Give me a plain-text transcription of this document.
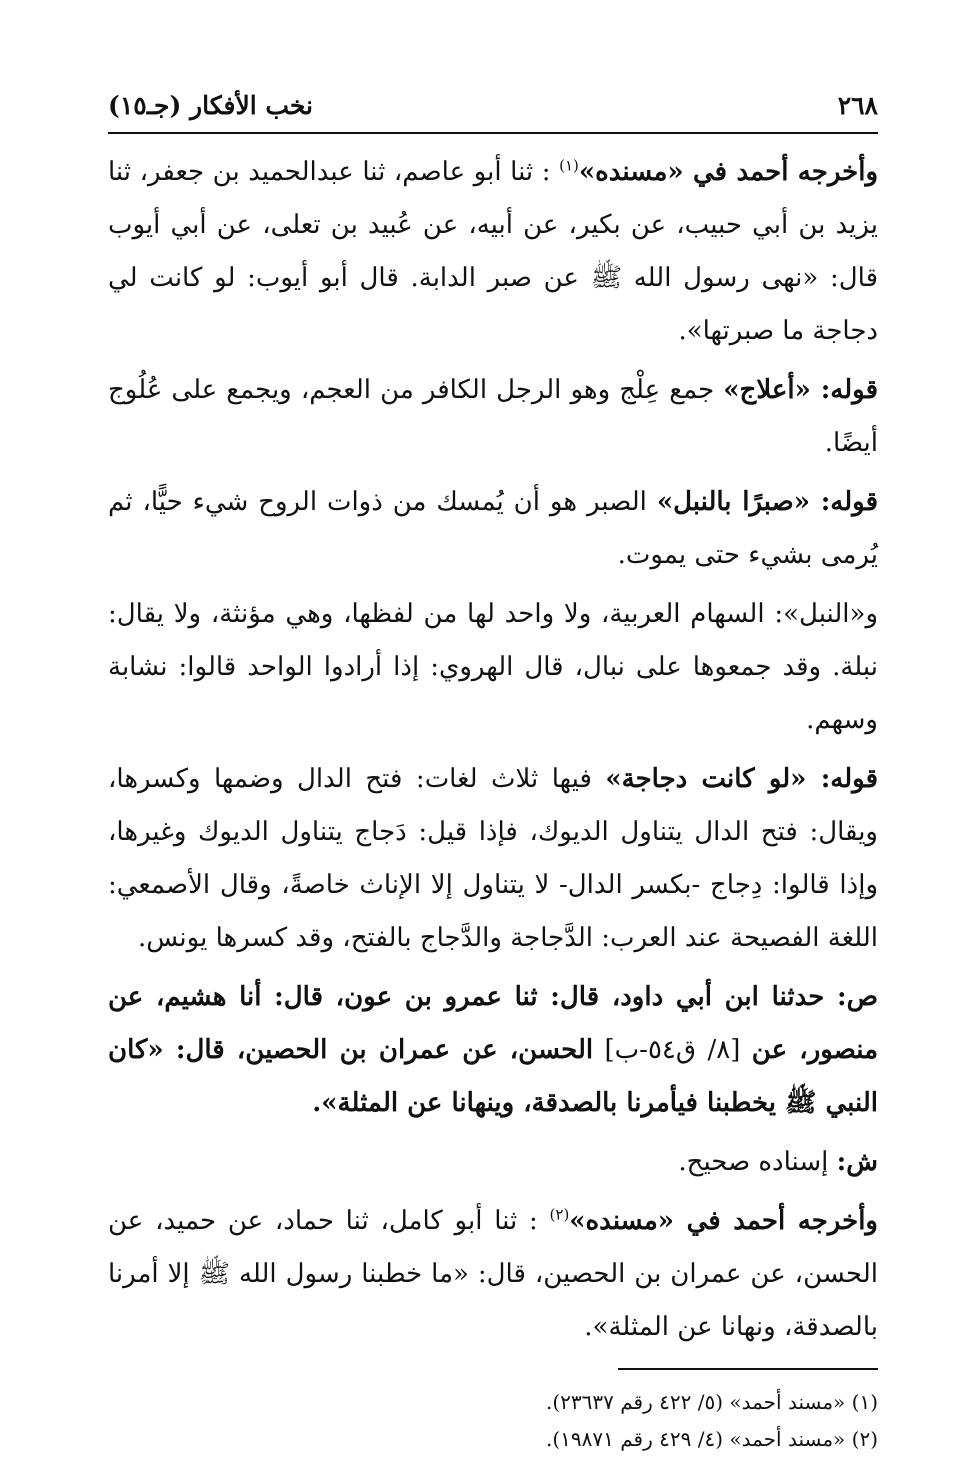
٢٦٨
نخب الأفكار (جـ١٥)

وأخرجه أحمد في «مسنده»$^{(١)}$ : ثنا أبو عاصم، ثنا عبدالحميد بن جعفر، ثنا يزيد بن أبي حبيب، عن بكير، عن أبيه، عن عُبيد بن تعلى، عن أبي أيوب قال: «نهى رسول الله ﷺ عن صبر الدابة. قال أبو أيوب: لو كانت لي دجاجة ما صبرتها».

قوله: «أعلاج» جمع عِلْج وهو الرجل الكافر من العجم، ويجمع على عُلُوج أيضًا.

قوله: «صبرًا بالنبل» الصبر هو أن يُمسك من ذوات الروح شيء حيًّا، ثم يُرمى بشيء حتى يموت.

و«النبل»: السهام العربية، ولا واحد لها من لفظها، وهي مؤنثة، ولا يقال: نبلة. وقد جمعوها على نبال، قال الهروي: إذا أرادوا الواحد قالوا: نشابة وسهم.

قوله: «لو كانت دجاجة» فيها ثلاث لغات: فتح الدال وضمها وكسرها، ويقال: فتح الدال يتناول الديوك، فإذا قيل: دَجاج يتناول الديوك وغيرها، وإذا قالوا: دِجاج -بكسر الدال- لا يتناول إلا الإناث خاصةً، وقال الأصمعي: اللغة الفصيحة عند العرب: الدَّجاجة والدَّجاج بالفتح، وقد كسرها يونس.

ص: حدثنا ابن أبي داود، قال: ثنا عمرو بن عون، قال: أنا هشيم، عن منصور، عن [٨/ ق٥٤-ب] الحسن، عن عمران بن الحصين، قال: «كان النبي ﷺ يخطبنا فيأمرنا بالصدقة، وينهانا عن المثلة».

ش: إسناده صحيح.

وأخرجه أحمد في «مسنده»$^{(٢)}$ : ثنا أبو كامل، ثنا حماد، عن حميد، عن الحسن، عن عمران بن الحصين، قال: «ما خطبنا رسول الله ﷺ إلا أمرنا بالصدقة، ونهانا عن المثلة».

(١) «مسند أحمد» (٥/ ٤٢٢ رقم ٢٣٦٣٧).
(٢) «مسند أحمد» (٤/ ٤٢٩ رقم ١٩٨٧١).
